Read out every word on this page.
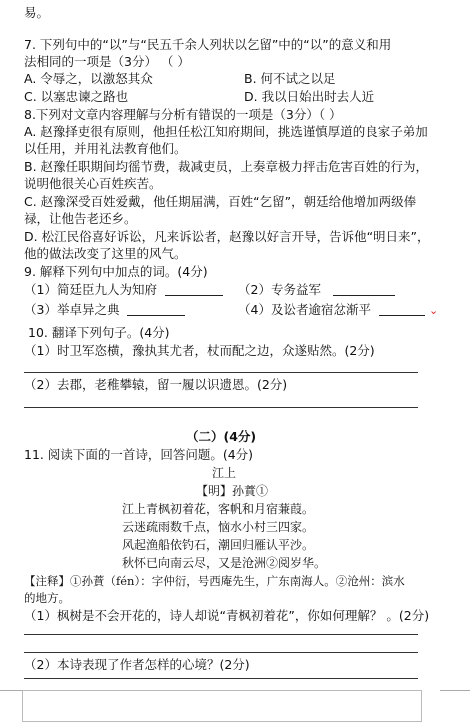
易。
7. 下列句中的“以”与“民五千余人列状以乞留”中的“以”的意义和用
法相同的一项是（3分） （ ）
A. 令辱之，以激怒其众	B. 何不试之以足
C. 以塞忠谏之路也	D. 我以日始出时去人近
8.下列对文章内容理解与分析有错误的一项是（3分）（ ）
A. 赵豫择吏很有原则，他担任松江知府期间，挑选谨慎厚道的良家子弟加
以任用，并用礼法教育他们。
B. 赵豫任职期间均徭节费，裁减吏员，上奏章极力抨击危害百姓的行为，
说明他很关心百姓疾苦。
C. 赵豫深受百姓爱戴，他任期届满，百姓“乞留”，朝廷给他增加两级俸
禄，让他告老还乡。
D. 松江民俗喜好诉讼，凡来诉讼者，赵豫以好言开导，告诉他“明日来”，
他的做法改变了这里的风气。
9. 解释下列句中加点的词。(4分)
（1）简廷臣九人为知府	（2）专务益军
（3）举卓异之典	（4）及讼者逾宿忿渐平	⌄
10. 翻译下列句子。(4分)
（1）时卫军恣横，豫执其尤者，杖而配之边，众遂贴然。(2分)
（2）去郡，老稚攀辕，留一履以识遗恩。(2分)
（二）(4分)
11. 阅读下面的一首诗，回答问题。(4分)
江上
【明】孙蕡①
江上青枫初着花，客帆和月宿蒹葭。
云迷疏雨数千点，恼水小村三四家。
风起渔船依钓石，潮回归雁认平沙。
秋怀已向南云尽，又是沧洲②阅岁华。
【注释】①孙蕡（fén）：字仲衍，号西庵先生，广东南海人。②沧州：滨水
的地方。
（1）枫树是不会开花的，诗人却说“青枫初着花”，你如何理解？ 。(2分)
（2）本诗表现了作者怎样的心境？(2分)
